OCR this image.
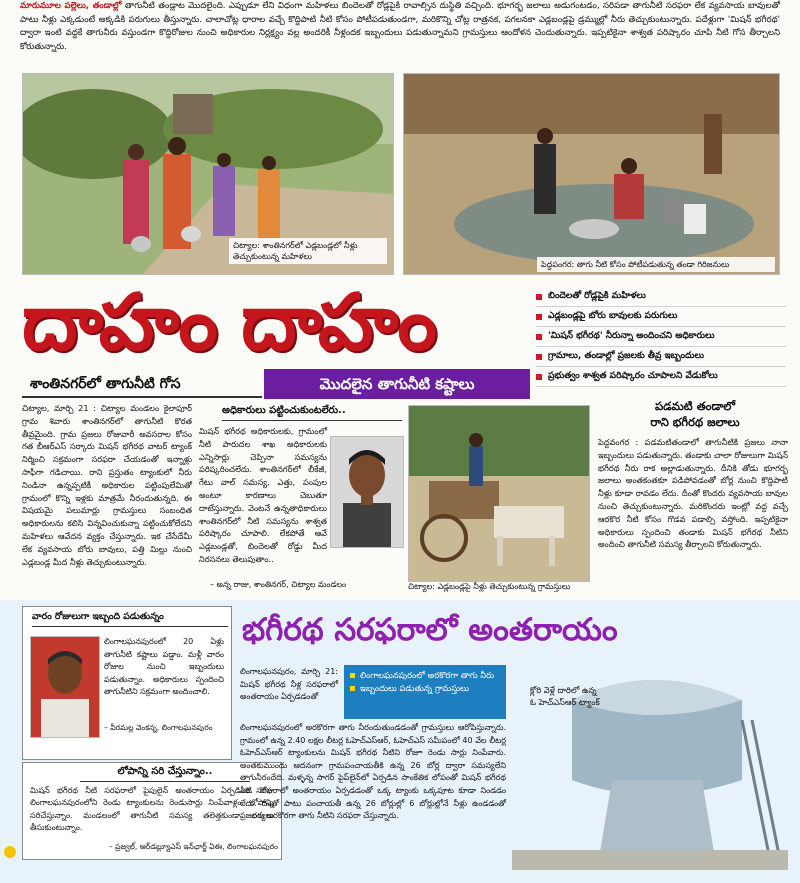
మారుమూల పల్లెలు, తండాల్లో తాగునీటి తండ్లాట మొదలైంది. ఎప్పుడూ లేని విధంగా మహిళలు బిందెలతో రోడ్లపైకి రావాల్సిన దుస్థితి వచ్చింది. భూగర్భ జలాలు అడుగంటడం, సరిపడా తాగునీటి సరఫరా లేక వ్యవసాయ బావులతో పాటు నీళ్లు ఎక్కడుంటే అక్కడికి పరుగులు తీస్తున్నారు. చాలాచోట్ల ధారాల వచ్చే కొద్దిపాటి నీటి కోసం పోటీపడుతుండగా, మరికొన్ని చోట్ల రాత్రనక, పగలనకా ఎడ్లబండ్లపై డ్రమ్ముల్లో నీరు తెచ్చుకుంటున్నారు. పదేళ్లుగా 'మిషన్ భగీరథ' ద్వారా ఇంటి వద్దకే తాగునీరు వస్తుండగా కొద్దిరోజుల నుంచి అధికారుల నిర్లక్ష్యం వల్ల అందరికీ నీళ్లందక ఇబ్బందులు పడుతున్నామని గ్రామస్తులు ఆందోళన చెందుతున్నారు. ఇప్పటికైనా శాశ్వత పరిష్కారం చూపి నీటి గోస తీర్చాలని కోరుతున్నారు.
చిట్యాల: శాంతినగర్‌లో ఎడ్లబండ్లలో నీళ్లు తెచ్చుకుంటున్న మహిళలు
పెద్దపంగర: తాగు నీటి కోసం పోటీపడుతున్న తండా గిరిజనులు
దాహం దాహం	బిందెలతో రోడ్లపైకి మహిళలు
ఎడ్లబండ్లపై బోరు బావులకు పరుగులు
'మిషన్ భగీరథ' నీరున్నా అందించని అధికారులు
గ్రామాలు, తండాల్లో ప్రజలకు తీవ్ర ఇబ్బందులు
ప్రభుత్వం శాశ్వత పరిష్కారం చూపాలని వేడుకోలు
మొదలైన తాగునీటి కష్టాలు
శాంతినగర్‌లో తాగునీటి గోస
చిట్యాల, మార్చి 21 : చిట్యాల మండలం కైలాపూర్ గ్రామ శివారు శాంతినగర్‌లో తాగునీటి కొరత తీవ్రమైంది. గ్రామ ప్రజలు రోజువారీ అవసరాల కోసం గత బీఆర్‌ఎస్ సర్కారు మిషన్ భగీరథ వాటర్ ట్యాంక్ నిర్మించి సక్రమంగా సరఫరా చేయడంతో ఇన్నాళ్లు సాఫీగా గడిచాయి. రాని ప్రస్తుతం ట్యాంకులో నీరు నిండినా ఉన్నప్పటికీ అధికారుల పట్టింపులేమితో గ్రామంలో కొన్ని ఇళ్లకు మాత్రమే నీరందుతున్నది. ఈ విషయమై పలుమార్లు గ్రామస్తులు సంబంధిత అధికారులను కలిసి విన్నవించుకున్నా పట్టించుకోలేదని మహిళలు ఆవేదన వ్యక్తం చేస్తున్నారు. ఇక చేసేదేమీ లేక వ్యవసాయ బోరు బావులు, పత్తి మిల్లు నుంచి ఎడ్లబండ్ల మీద నీళ్లు తెచ్చుకుంటున్నారు.
అధికారులు పట్టించుకుంటలేరు..
మిషన్ భగీరథ అధికారులకు, గ్రామంలో నీటి పారుదల శాఖ అధికారులకు ఎన్నిసార్లు చెప్పినా సమస్యను పరిష్కరించలేదు. శాంతినగర్‌లో లీకేజీ, గేటు వాల్ సమస్య, ఎత్తు, పంపుల అంటూ కారణాలు చెబుతూ దాటేస్తున్నారు. వెంటనే ఉన్నతాధికారులు శాంతినగర్‌లో నీటి సమస్యను శాశ్వత పరిష్కారం చూపాలి. లేకపోతే ఆవే ఎడ్లబండ్లతో, బిందెలతో రోడ్డు మీద నిరసనలు తెలుపుతాం..
– అన్న రాజు, శాంతినగర్, చిట్యాల మండలం	చిట్యాల: ఎడ్లబండ్లపై నీళ్లు తెచ్చుకుంటున్న గ్రామస్తులు
పడమటి తండాలో
రాని భగీరథ జలాలు
పెద్దవంగర : పడమటితండాలో తాగునీటికి ప్రజలు నానా ఇబ్బందులు పడుతున్నారు. తండాకు చాలా రోజులుగా మిషన్ భగీరథ నీరు రాక అల్లాడుతున్నారు. దీనికి తోడు భూగర్భ జలాలు అంతకంతకూ పడిపోవడంతో బోర్ల నుంచి కొద్దిపాటి నీళ్లు కూడా రావడం లేదు. దీంతో కొందరు వ్యవసాయ బావుల నుంచి తెచ్చుకుంటున్నారు. మరికొందరు ఇంట్లో వద్ద వచ్చే ఆరకొర నీటి కోసం గొడవ పడాల్సి వస్తోంది. ఇప్పటికైనా అధికారులు స్పందించి తండాకు మిషన్ భగీరథ నీటిని అందించి తాగునీటి సమస్య తీర్చాలని కోరుతున్నారు.
వారం రోజులుగా ఇబ్బంది పడుతున్నం
లింగాలఘనపురంలో 20 ఏళ్లు తాగునీటి కష్టాలు పడ్డాం. మళ్లీ వారం రోజుల నుంచి ఇబ్బందులు పడుతున్నాం. అధికారులు స్పందించి తాగునీటిని సక్రమంగా అందించాలి.
– వీరమల్ల వెంకన్న, లింగాలఘనపురం
లోపాన్ని సరి చేస్తున్నాం..
మిషన్ భగీరథ నీటి సరఫరాలో పైపులైన్ అంతరాయం ఏర్పడింది. రోజు లింగాలఘనపురంలోని రెండు ట్యాంకులను రెండుసార్లు నింపేవాళ్లం. లోపాన్ని సరిచేస్తున్నాం. మండలంలో తాగునీటి సమస్య తలెత్తకుండా చర్యలు తీసుకుంటున్నాం.
– ప్రజ్వల్, ఆర్‌డబ్ల్యూఎస్ ఇన్‌ఛార్జ్ ఏఈ, లింగాలఘనపురం
భగీరథ సరఫరాలో అంతరాయం
లింగాలఘనపురంలో అరకొరగా తాగు నీరు
ఇబ్బందులు పడుతున్న గ్రామస్తులు
లింగాలఘనపురం, మార్చి 21: మిషన్ భగీరథ నీళ్ల సరఫరాలో అంతరాయం ఏర్పడడంతో
లింగాలఘనపురంలో అరకొరగా తాగు నీరందుతుండడంతో గ్రామస్తులు ఆరోపిస్తున్నారు. గ్రామంలో ఉన్న 2.40 లక్షల లీటర్ల ఓహెచ్‌ఎస్‌ఆర్, ఓహెచ్‌ఎస్ సమీపంలో 40 వేల లీటర్ల ఓహెచ్‌ఎస్‌ఆర్ ట్యాంకులను మిషన్ భగీరథ నీటిని రోజూ రెండు సార్లు నింపేవారు. అంతకుముందు ఆదనంగా గ్రామపంచాయతీకి ఉన్న 26 బోర్ల ద్వారా సమస్యలేని తాగునీరందేది. మళ్ళన్న సాగర్ పైప్‌లైన్‌లో ఏర్పడిన సాంకేతిక లోపంతో మిషన్ భగీరథ నీటి సరఫరాలో అంతరాయం ఏర్పడడంతో ఒక్క ట్యాంకు ఒక్కపూట కూడా నిండడం లేదు. దీంతో పాటు పంచాయతీ ఉన్న 26 బోర్లుల్లో 6 బోర్లుల్లోనే నీళ్లు ఉండడంతో ప్రజలకు అరకొరగా తాగు నీటిని సరఫరా చేస్తున్నారు.
క్లోరి వెళ్లే దారిలో ఉన్న ఓ హెచ్‌ఎస్‌ఆర్ ట్యాంక్
